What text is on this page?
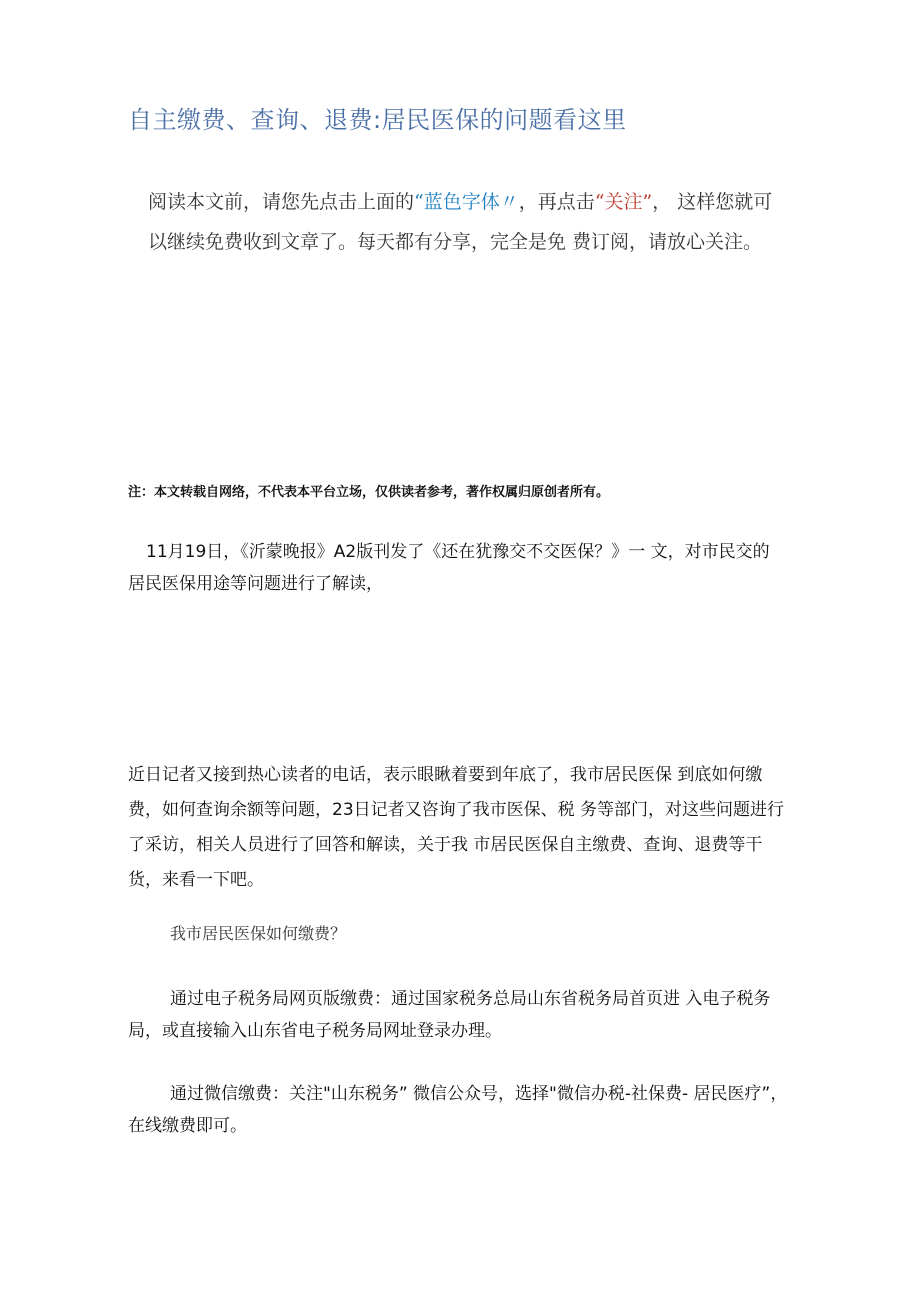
自主缴费、查询、退费:居民医保的问题看这里

阅读本文前，请您先点击上面的“蓝色字体〃，再点击“关注”， 这样您就可以继续免费收到文章了。每天都有分享，完全是免 费订阅，请放心关注。

注：本文转载自网络，不代表本平台立场，仅供读者参考，著作权属归原创者所有。

11月19日，《沂蒙晚报》A2版刊发了《还在犹豫交不交医保？》一 文，对市民交的居民医保用途等问题进行了解读，

近日记者又接到热心读者的电话，表示眼瞅着要到年底了，我市居民医保 到底如何缴费，如何查询余额等问题，23日记者又咨询了我市医保、税 务等部门，对这些问题进行了采访，相关人员进行了回答和解读，关于我 市居民医保自主缴费、查询、退费等干货，来看一下吧。

我市居民医保如何缴费？

通过电子税务局网页版缴费：通过国家税务总局山东省税务局首页进 入电子税务局，或直接输入山东省电子税务局网址登录办理。

通过微信缴费：关注"山东税务” 微信公众号，选择"微信办税-社保费- 居民医疗”，在线缴费即可。
